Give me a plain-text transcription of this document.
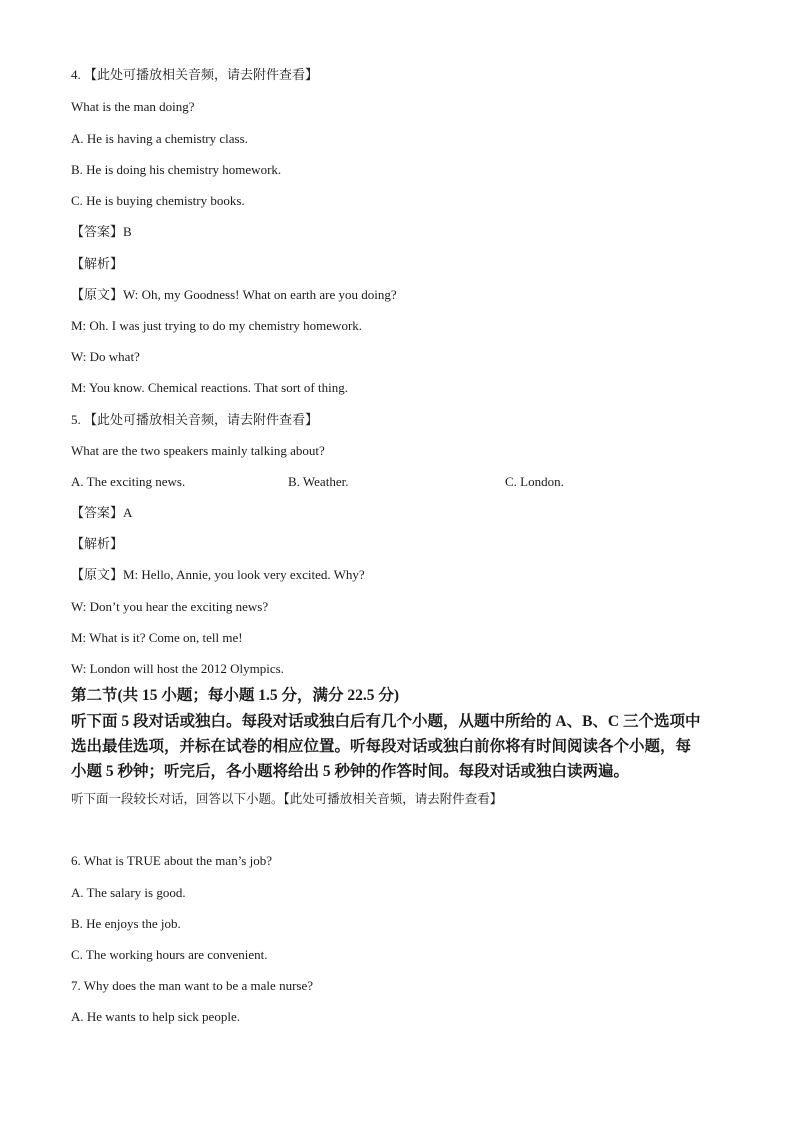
4. 【此处可播放相关音频，请去附件查看】
What is the man doing?
A. He is having a chemistry class.
B. He is doing his chemistry homework.
C. He is buying chemistry books.
【答案】B
【解析】
【原文】W: Oh, my Goodness! What on earth are you doing?
M: Oh. I was just trying to do my chemistry homework.
W: Do what?
M: You know. Chemical reactions. That sort of thing.
5. 【此处可播放相关音频，请去附件查看】
What are the two speakers mainly talking about?
A. The exciting news.	B. Weather.	C. London.
【答案】A
【解析】
【原文】M: Hello, Annie, you look very excited. Why?
W: Don’t you hear the exciting news?
M: What is it? Come on, tell me!
W: London will host the 2012 Olympics.
第二节(共 15 小题；每小题 1.5 分，满分 22.5 分)
听下面 5 段对话或独白。每段对话或独白后有几个小题，从题中所给的 A、B、C 三个选项中
选出最佳选项，并标在试卷的相应位置。听每段对话或独白前你将有时间阅读各个小题，每
小题 5 秒钟；听完后，各小题将给出 5 秒钟的作答时间。每段对话或独白读两遍。
听下面一段较长对话，回答以下小题。【此处可播放相关音频，请去附件查看】
6. What is TRUE about the man’s job?
A. The salary is good.
B. He enjoys the job.
C. The working hours are convenient.
7. Why does the man want to be a male nurse?
A. He wants to help sick people.
